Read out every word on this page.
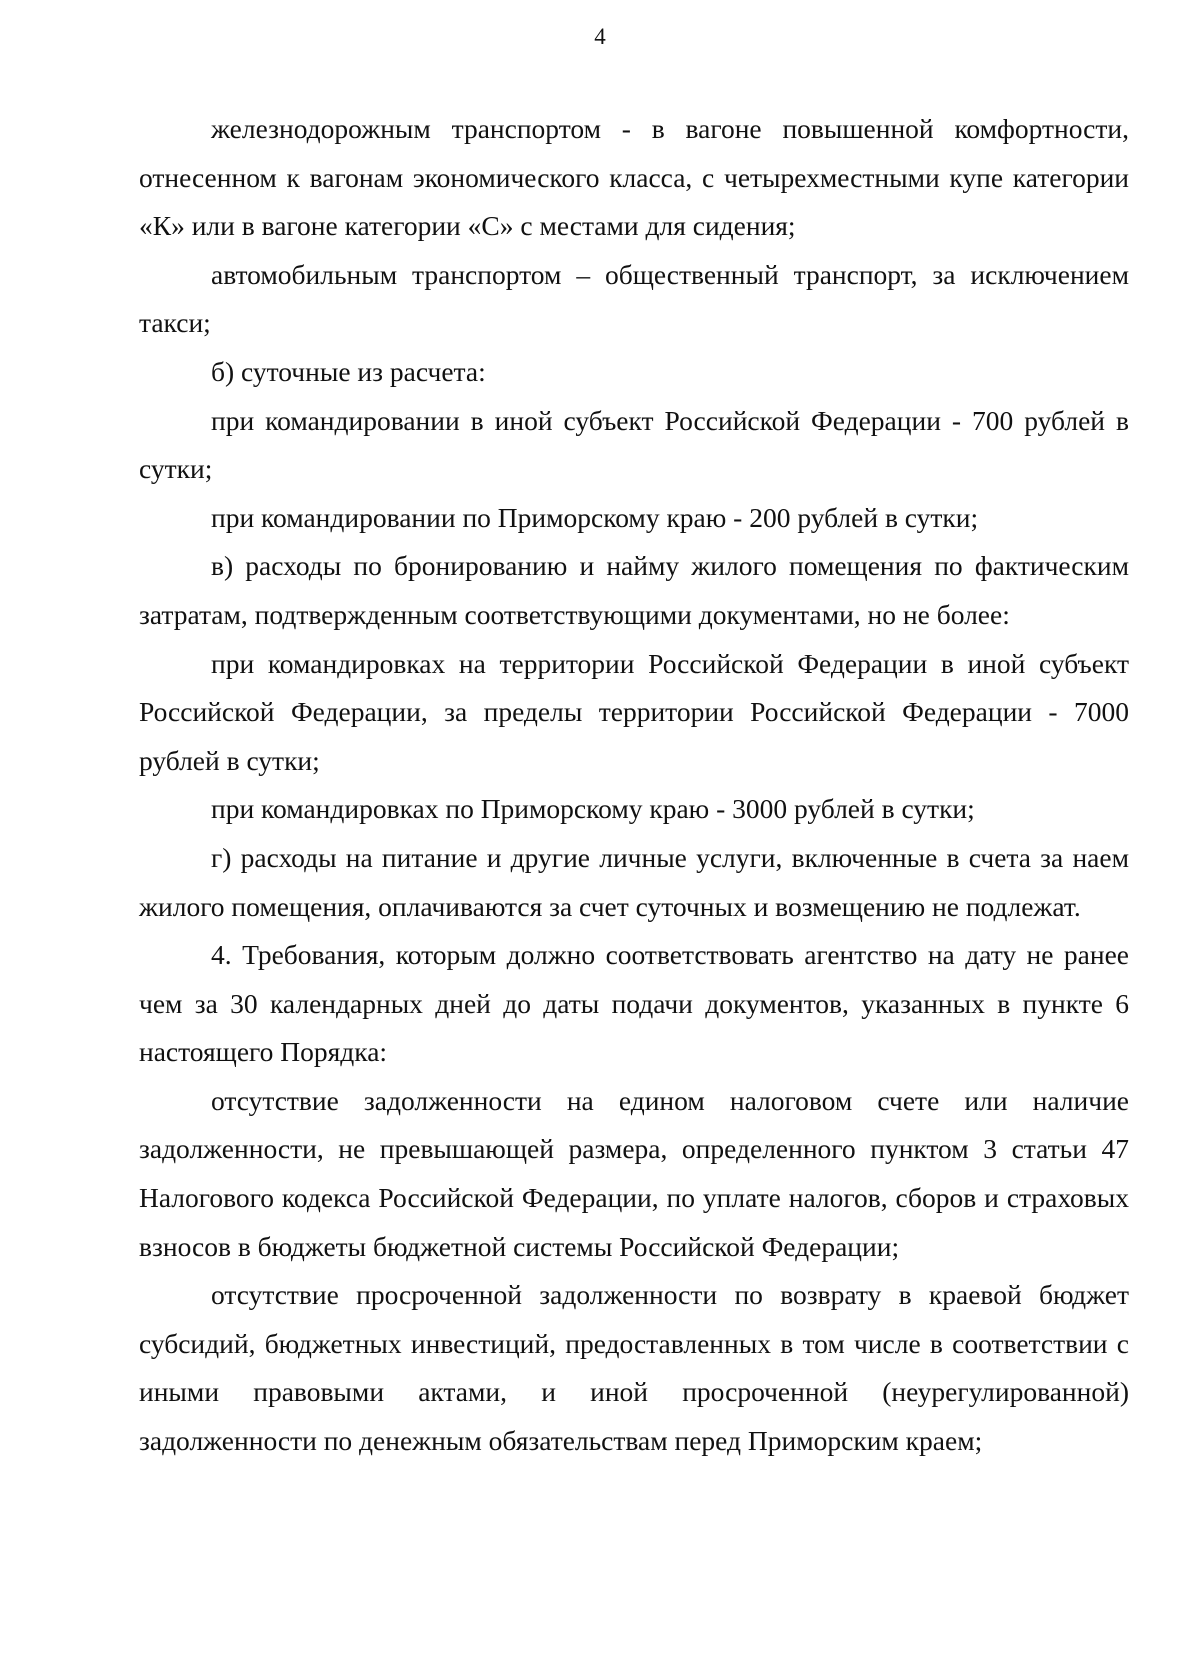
4

железнодорожным транспортом - в вагоне повышенной комфортности, отнесенном к вагонам экономического класса, с четырехместными купе категории «К» или в вагоне категории «С» с местами для сидения;

автомобильным транспортом – общественный транспорт, за исключением такси;

б) суточные из расчета:

при командировании в иной субъект Российской Федерации - 700 рублей в сутки;

при командировании по Приморскому краю - 200 рублей в сутки;

в) расходы по бронированию и найму жилого помещения по фактическим затратам, подтвержденным соответствующими документами, но не более:

при командировках на территории Российской Федерации в иной субъект Российской Федерации, за пределы территории Российской Федерации - 7000 рублей в сутки;

при командировках по Приморскому краю - 3000 рублей в сутки;

г) расходы на питание и другие личные услуги, включенные в счета за наем жилого помещения, оплачиваются за счет суточных и возмещению не подлежат.

4. Требования, которым должно соответствовать агентство на дату не ранее чем за 30 календарных дней до даты подачи документов, указанных в пункте 6 настоящего Порядка:

отсутствие задолженности на едином налоговом счете или наличие задолженности, не превышающей размера, определенного пунктом 3 статьи 47 Налогового кодекса Российской Федерации, по уплате налогов, сборов и страховых взносов в бюджеты бюджетной системы Российской Федерации;

отсутствие просроченной задолженности по возврату в краевой бюджет субсидий, бюджетных инвестиций, предоставленных в том числе в соответствии с иными правовыми актами, и иной просроченной (неурегулированной) задолженности по денежным обязательствам перед Приморским краем;
